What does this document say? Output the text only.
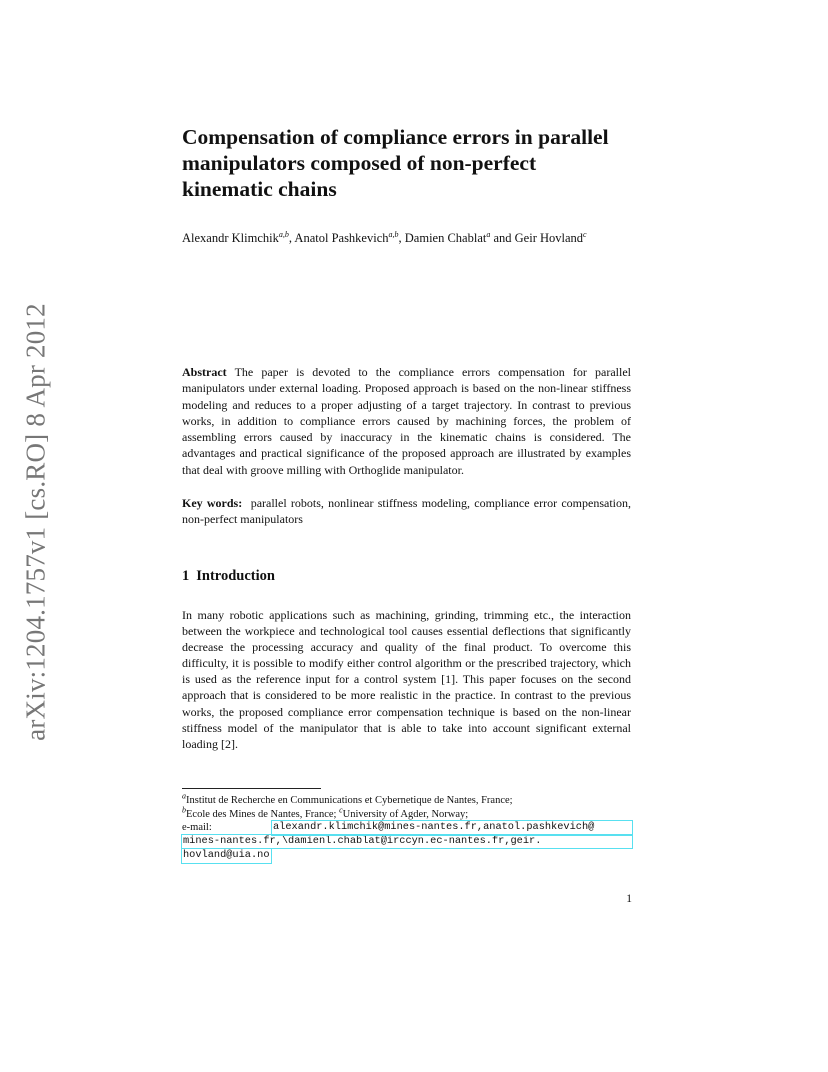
arXiv:1204.1757v1 [cs.RO] 8 Apr 2012
Compensation of compliance errors in parallel
manipulators composed of non-perfect
kinematic chains

Alexandr Klimchik$^{a,b}$, Anatol Pashkevich$^{a,b}$, Damien Chablat$^a$ and Geir Hovland$^c$

Abstract The paper is devoted to the compliance errors compensation for parallel manipulators under external loading. Proposed approach is based on the non-linear stiffness modeling and reduces to a proper adjusting of a target trajectory. In contrast to previous works, in addition to compliance errors caused by machining forces, the problem of assembling errors caused by inaccuracy in the kinematic chains is considered. The advantages and practical significance of the proposed approach are illustrated by examples that deal with groove milling with Orthoglide manipulator.

Key words: parallel robots, nonlinear stiffness modeling, compliance error compensation, non-perfect manipulators

1 Introduction

In many robotic applications such as machining, grinding, trimming etc., the interaction between the workpiece and technological tool causes essential deflections that significantly decrease the processing accuracy and quality of the final product. To overcome this difficulty, it is possible to modify either control algorithm or the prescribed trajectory, which is used as the reference input for a control system [1]. This paper focuses on the second approach that is considered to be more realistic in the practice. In contrast to the previous works, the proposed compliance error compensation technique is based on the non-linear stiffness model of the manipulator that is able to take into account significant external loading [2].

$^a$Institut de Recherche en Communications et Cybernetique de Nantes, France;

$^b$Ecole des Mines de Nantes, France; $^c$University of Agder, Norway;

e-mail:	alexandr.klimchik@mines-nantes.fr,anatol.pashkevich@
mines-nantes.fr,\damienl.chablat@irccyn.ec-nantes.fr,geir.
hovland@uia.no

1
